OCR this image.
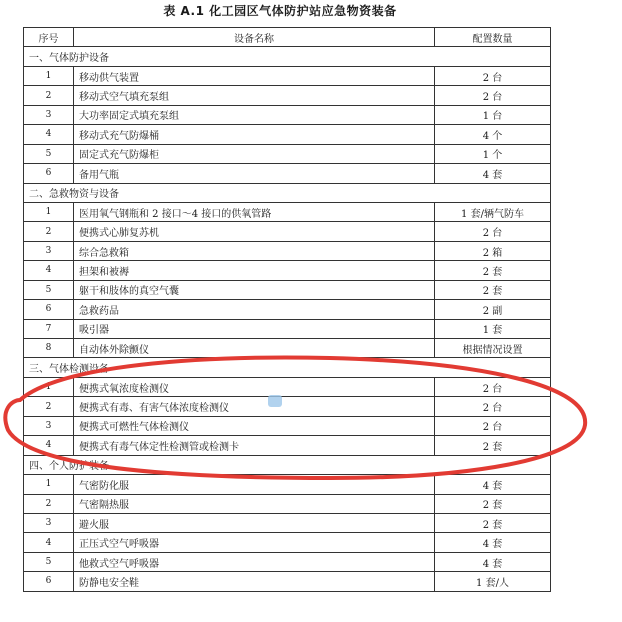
表 A.1 化工园区气体防护站应急物资装备
序号	设备名称	配置数量
一、气体防护设备		
1	移动供气装置	2 台
2	移动式空气填充泵组	2 台
3	大功率固定式填充泵组	1 台
4	移动式充气防爆桶	4 个
5	固定式充气防爆柜	1 个
6	备用气瓶	4 套
二、急救物资与设备		
1	医用氧气钢瓶和 2 接口～4 接口的供氧管路	1 套/辆气防车
2	便携式心肺复苏机	2 台
3	综合急救箱	2 箱
4	担架和被褥	2 套
5	躯干和肢体的真空气囊	2 套
6	急救药品	2 副
7	吸引器	1 套
8	自动体外除颤仪	根据情况设置
三、气体检测设备		
1	便携式氧浓度检测仪	2 台
2	便携式有毒、有害气体浓度检测仪	2 台
3	便携式可燃性气体检测仪	2 台
4	便携式有毒气体定性检测管或检测卡	2 套
四、个人防护装备		
1	气密防化服	4 套
2	气密隔热服	2 套
3	避火服	2 套
4	正压式空气呼吸器	4 套
5	他救式空气呼吸器	4 套
6	防静电安全鞋	1 套/人
